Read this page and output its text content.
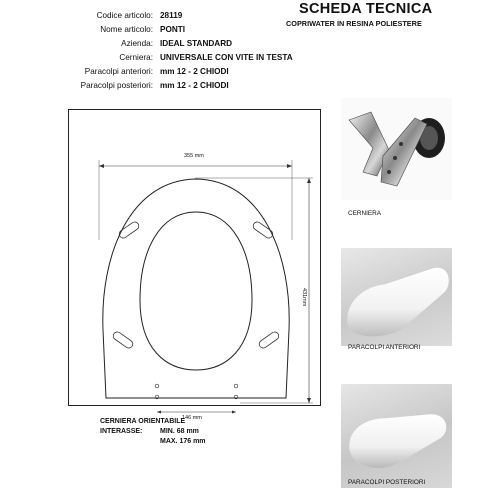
SCHEDA TECNICA
COPRIWATER IN RESINA POLIESTERE
Codice articolo: 28119
Nome articolo: PONTI
Azienda: IDEAL STANDARD
Cerniera: UNIVERSALE CON VITE IN TESTA
Paracolpi anteriori: mm 12 - 2 CHIODI
Paracolpi posteriori: mm 12 - 2 CHIODI
355 mm
431mm
146 mm
CERNIERA ORIENTABILE
INTERASSE:	MIN. 68 mm
MAX. 176 mm
CERNIERA
PARACOLPI ANTERIORI
PARACOLPI POSTERIORI
